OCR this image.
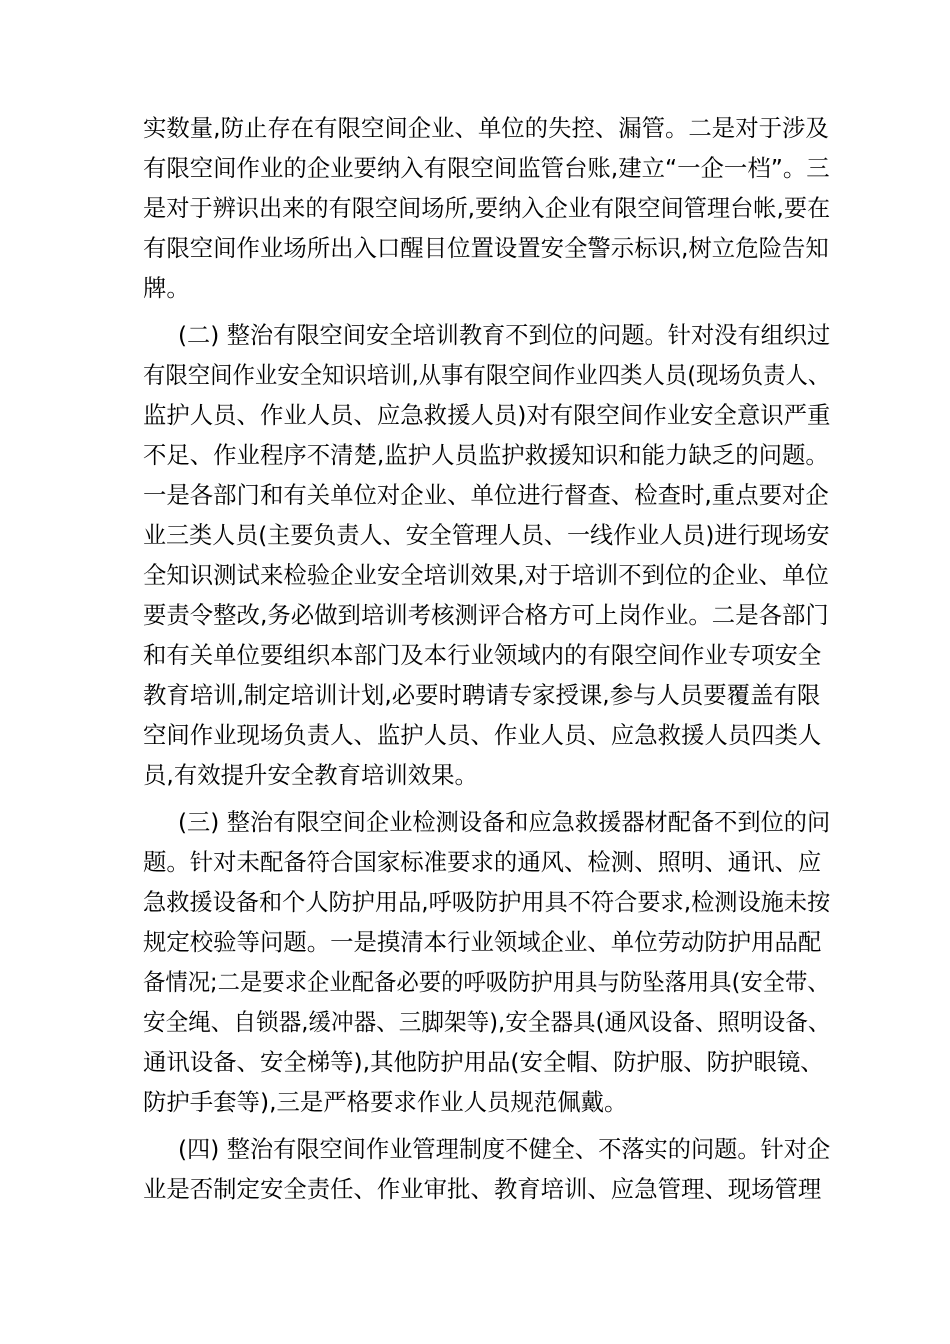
实数量,防止存在有限空间企业、单位的失控、漏管。二是对于涉及

有限空间作业的企业要纳入有限空间监管台账,建立“一企一档”。三

是对于辨识出来的有限空间场所,要纳入企业有限空间管理台帐,要在

有限空间作业场所出入口醒目位置设置安全警示标识,树立危险告知

牌。

(二) 整治有限空间安全培训教育不到位的问题。针对没有组织过

有限空间作业安全知识培训,从事有限空间作业四类人员(现场负责人、

监护人员、作业人员、应急救援人员)对有限空间作业安全意识严重

不足、作业程序不清楚,监护人员监护救援知识和能力缺乏的问题。

一是各部门和有关单位对企业、单位进行督查、检查时,重点要对企

业三类人员(主要负责人、安全管理人员、一线作业人员)进行现场安

全知识测试来检验企业安全培训效果,对于培训不到位的企业、单位

要责令整改,务必做到培训考核测评合格方可上岗作业。二是各部门

和有关单位要组织本部门及本行业领域内的有限空间作业专项安全

教育培训,制定培训计划,必要时聘请专家授课,参与人员要覆盖有限

空间作业现场负责人、监护人员、作业人员、应急救援人员四类人

员,有效提升安全教育培训效果。

(三) 整治有限空间企业检测设备和应急救援器材配备不到位的问

题。针对未配备符合国家标准要求的通风、检测、照明、通讯、应

急救援设备和个人防护用品,呼吸防护用具不符合要求,检测设施未按

规定校验等问题。一是摸清本行业领域企业、单位劳动防护用品配

备情况;二是要求企业配备必要的呼吸防护用具与防坠落用具(安全带、

安全绳、自锁器,缓冲器、三脚架等),安全器具(通风设备、照明设备、

通讯设备、安全梯等),其他防护用品(安全帽、防护服、防护眼镜、

防护手套等),三是严格要求作业人员规范佩戴。

(四) 整治有限空间作业管理制度不健全、不落实的问题。针对企

业是否制定安全责任、作业审批、教育培训、应急管理、现场管理
